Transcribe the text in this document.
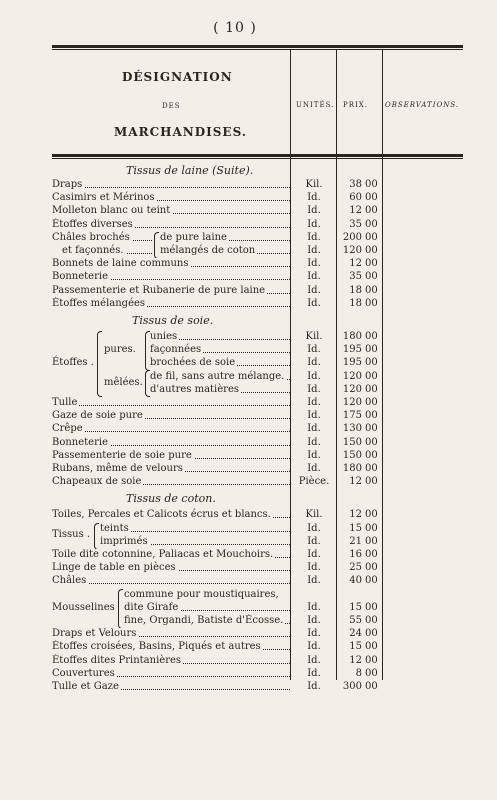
( 10 )
DÉSIGNATION
DES
MARCHANDISES.
UNITÉS. PRIX. OBSERVATIONS.
Tissus de laine (Suite).
Draps	Kil.	38 00
Casimirs et Mérinos	Id.	60 00
Molleton blanc ou teint	Id.	12 00
Étoffes diverses	Id.	35 00
Châles brochés	Id.	200 00
de pure laine
et façonnés.	Id.	120 00
mélangés de coton
Bonnets de laine communs	Id.	12 00
Bonneterie	Id.	35 00
Passementerie et Rubanerie de pure laine	Id.	18 00
Étoffes mélangées	Id.	18 00
Tissus de soie.
Étoffes .
pures.
mêlées.
unies	Kil.	180 00
façonnées	Id.	195 00
brochées de soie	Id.	195 00
de fil, sans autre mélange.	Id.	120 00
d'autres matières	Id.	120 00
Tulle	Id.	120 00
Gaze de soie pure	Id.	175 00
Crêpe	Id.	130 00
Bonneterie	Id.	150 00
Passementerie de soie pure	Id.	150 00
Rubans, même de velours	Id.	180 00
Chapeaux de soie	Pièce.	12 00
Tissus de coton.
Toiles, Percales et Calicots écrus et blancs.	Kil.	12 00
Tissus .
teints	Id.	15 00
imprimés	Id.	21 00
Toile dite cotonnine, Paliacas et Mouchoirs.	Id.	16 00
Linge de table en pièces	Id.	25 00
Châles	Id.	40 00
Mousselines
commune pour moustiquaires,
dite Girafe	Id.	15 00
fine, Organdi, Batiste d'Écosse.	Id.	55 00
Draps et Velours	Id.	24 00
Étoffes croisées, Basins, Piqués et autres	Id.	15 00
Étoffes dites Printanières	Id.	12 00
Couvertures	Id.	8 00
Tulle et Gaze	Id.	300 00
